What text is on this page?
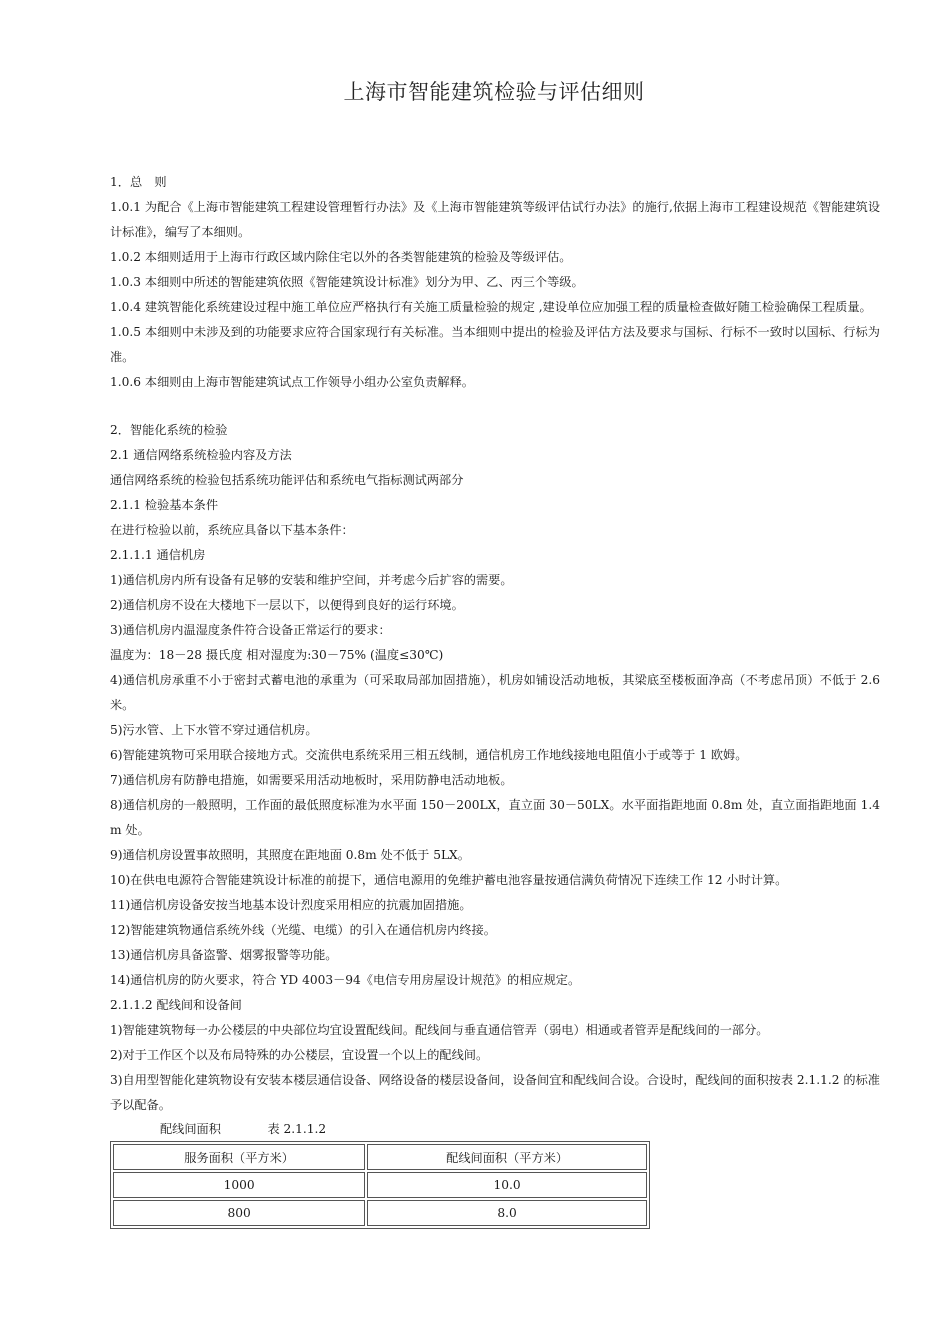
上海市智能建筑检验与评估细则

1．总　则

1.0.1 为配合《上海市智能建筑工程建设管理暂行办法》及《上海市智能建筑等级评估试行办法》的施行,依据上海市工程建设规范《智能建筑设计标准》，编写了本细则。

1.0.2 本细则适用于上海市行政区域内除住宅以外的各类智能建筑的检验及等级评估。

1.0.3 本细则中所述的智能建筑依照《智能建筑设计标准》划分为甲、乙、丙三个等级。

1.0.4 建筑智能化系统建设过程中施工单位应严格执行有关施工质量检验的规定 ,建设单位应加强工程的质量检查做好随工检验确保工程质量。

1.0.5 本细则中未涉及到的功能要求应符合国家现行有关标准。当本细则中提出的检验及评估方法及要求与国标、行标不一致时以国标、行标为准。

1.0.6 本细则由上海市智能建筑试点工作领导小组办公室负责解释。

2．智能化系统的检验

2.1 通信网络系统检验内容及方法

通信网络系统的检验包括系统功能评估和系统电气指标测试两部分

2.1.1 检验基本条件

在进行检验以前，系统应具备以下基本条件：

2.1.1.1 通信机房

1)通信机房内所有设备有足够的安装和维护空间，并考虑今后扩容的需要。

2)通信机房不设在大楼地下一层以下，以便得到良好的运行环境。

3)通信机房内温湿度条件符合设备正常运行的要求：

温度为：18－28 摄氏度 相对湿度为:30－75% (温度≤30℃)

4)通信机房承重不小于密封式蓄电池的承重为（可采取局部加固措施），机房如铺设活动地板，其梁底至楼板面净高（不考虑吊顶）不低于 2.6 米。

5)污水管、上下水管不穿过通信机房。

6)智能建筑物可采用联合接地方式。交流供电系统采用三相五线制，通信机房工作地线接地电阻值小于或等于 1 欧姆。

7)通信机房有防静电措施，如需要采用活动地板时，采用防静电活动地板。

8)通信机房的一般照明，工作面的最低照度标准为水平面 150－200LX，直立面 30－50LX。水平面指距地面 0.8m 处，直立面指距地面 1.4m 处。

9)通信机房设置事故照明，其照度在距地面 0.8m 处不低于 5LX。

10)在供电电源符合智能建筑设计标准的前提下，通信电源用的免维护蓄电池容量按通信满负荷情况下连续工作 12 小时计算。

11)通信机房设备安按当地基本设计烈度采用相应的抗震加固措施。

12)智能建筑物通信系统外线（光缆、电缆）的引入在通信机房内终接。

13)通信机房具备盗警、烟雾报警等功能。

14)通信机房的防火要求，符合 YD 4003－94《电信专用房屋设计规范》的相应规定。

2.1.1.2 配线间和设备间

1)智能建筑物每一办公楼层的中央部位均宜设置配线间。配线间与垂直通信管弄（弱电）相通或者管弄是配线间的一部分。

2)对于工作区个以及布局特殊的办公楼层，宜设置一个以上的配线间。

3)自用型智能化建筑物设有安装本楼层通信设备、网络设备的楼层设备间，设备间宜和配线间合设。合设时，配线间的面积按表 2.1.1.2 的标准予以配备。

配线间面积	表 2.1.1.2
服务面积（平方米）	配线间面积（平方米）
1000	10.0
800	8.0
